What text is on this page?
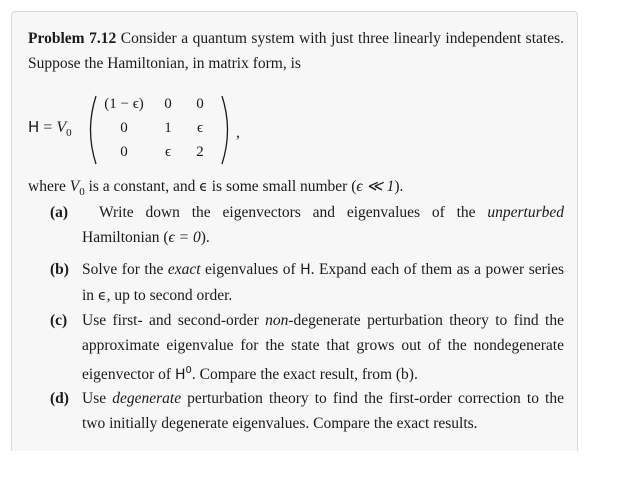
Problem 7.12 Consider a quantum system with just three linearly independent states. Suppose the Hamiltonian, in matrix form, is
$H = V_0$
(1 − ϵ)	0	0
0	1	ϵ
0	ϵ	2
,
where $V_0$ is a constant, and ϵ is some small number (ϵ ≪ 1).
(a)	Write down the eigenvectors and eigenvalues of the unperturbed Hamiltonian (ϵ = 0).
(b) Solve for the exact eigenvalues of H. Expand each of them as a power series in ϵ, up to second order.
(c) Use first- and second-order non-degenerate perturbation theory to find the approximate eigenvalue for the state that grows out of the nondegenerate eigenvector of $H^0$. Compare the exact result, from (b).
(d) Use degenerate perturbation theory to find the first-order correction to the two initially degenerate eigenvalues. Compare the exact results.
